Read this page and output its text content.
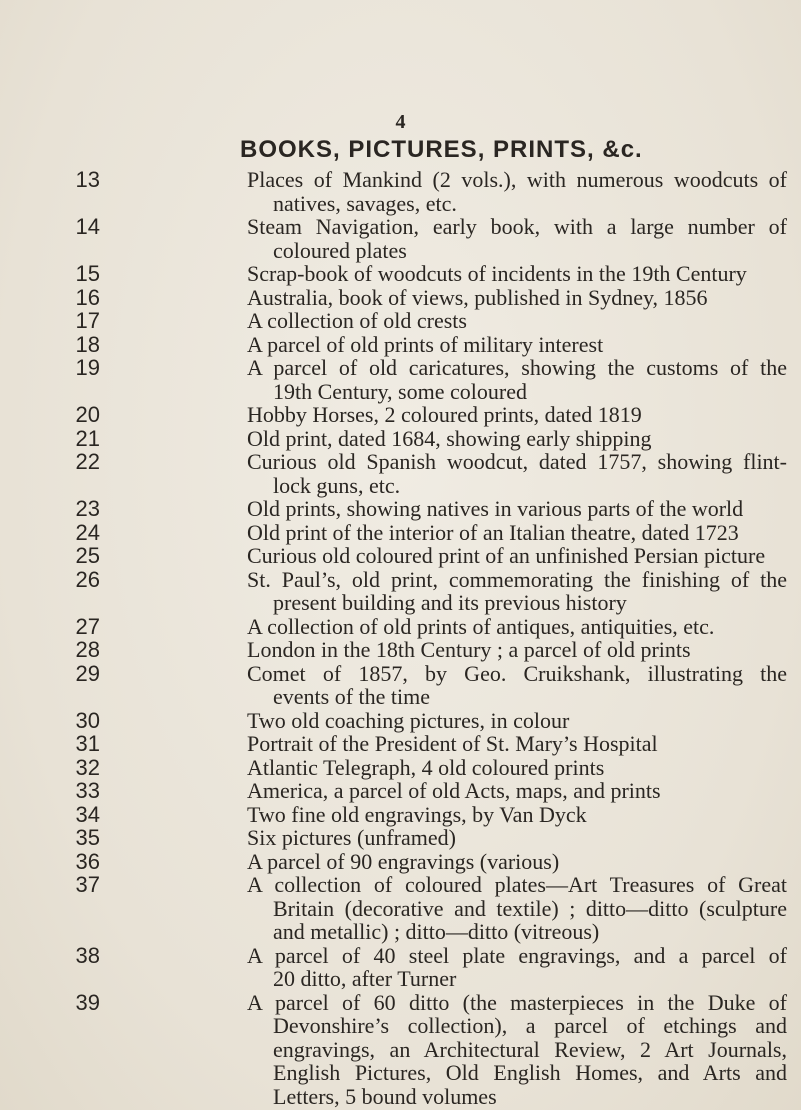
4
BOOKS, PICTURES, PRINTS, &c.
13
14
15
16
17
18
19
20
21
22
23
24
25
26
27
28
29
30
31
32
33
34
35
36
37
38
39
Places of Mankind (2 vols.), with numerous woodcuts of
natives, savages, etc.
Steam Navigation, early book, with a large number of
coloured plates
Scrap-book of woodcuts of incidents in the 19th Century
Australia, book of views, published in Sydney, 1856
A collection of old crests
A parcel of old prints of military interest
A parcel of old caricatures, showing the customs of the
19th Century, some coloured
Hobby Horses, 2 coloured prints, dated 1819
Old print, dated 1684, showing early shipping
Curious old Spanish woodcut, dated 1757, showing flint-
lock guns, etc.
Old prints, showing natives in various parts of the world
Old print of the interior of an Italian theatre, dated 1723
Curious old coloured print of an unfinished Persian picture
St. Paul’s, old print, commemorating the finishing of the
present building and its previous history
A collection of old prints of antiques, antiquities, etc.
London in the 18th Century ; a parcel of old prints
Comet of 1857, by Geo. Cruikshank, illustrating the
events of the time
Two old coaching pictures, in colour
Portrait of the President of St. Mary’s Hospital
Atlantic Telegraph, 4 old coloured prints
America, a parcel of old Acts, maps, and prints
Two fine old engravings, by Van Dyck
Six pictures (unframed)
A parcel of 90 engravings (various)
A collection of coloured plates—Art Treasures of Great
Britain (decorative and textile) ; ditto—ditto (sculpture
and metallic) ; ditto—ditto (vitreous)
A parcel of 40 steel plate engravings, and a parcel of
20 ditto, after Turner
A parcel of 60 ditto (the masterpieces in the Duke of
Devonshire’s collection), a parcel of etchings and
engravings, an Architectural Review, 2 Art Journals,
English Pictures, Old English Homes, and Arts and
Letters, 5 bound volumes
